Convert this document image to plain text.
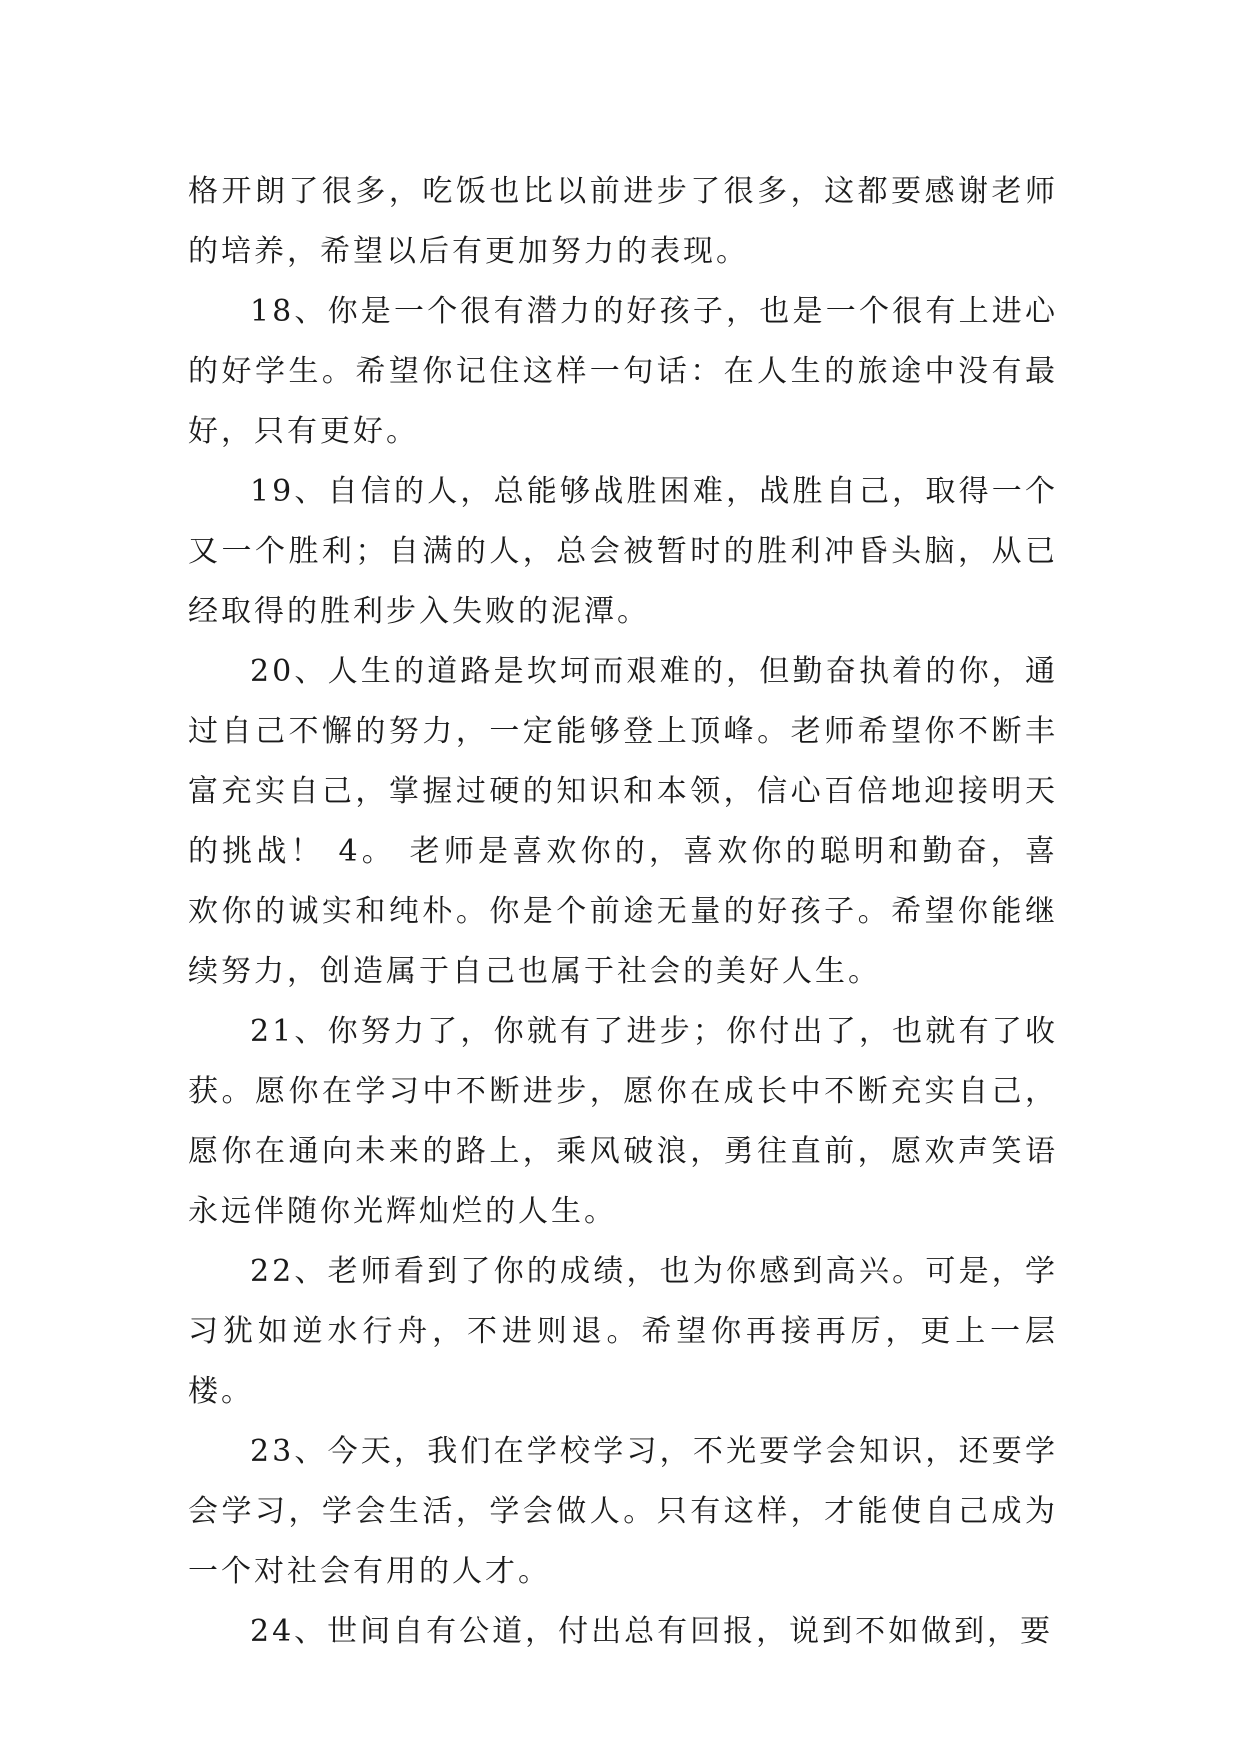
格开朗了很多，吃饭也比以前进步了很多，这都要感谢老师的培养，希望以后有更加努力的表现。

18、你是一个很有潜力的好孩子，也是一个很有上进心的好学生。希望你记住这样一句话：在人生的旅途中没有最好，只有更好。

19、自信的人，总能够战胜困难，战胜自己，取得一个又一个胜利；自满的人，总会被暂时的胜利冲昏头脑，从已经取得的胜利步入失败的泥潭。

20、人生的道路是坎坷而艰难的，但勤奋执着的你，通过自己不懈的努力，一定能够登上顶峰。老师希望你不断丰富充实自己，掌握过硬的知识和本领，信心百倍地迎接明天的挑战！ 4。 老师是喜欢你的，喜欢你的聪明和勤奋，喜欢你的诚实和纯朴。你是个前途无量的好孩子。希望你能继续努力，创造属于自己也属于社会的美好人生。

21、你努力了，你就有了进步；你付出了，也就有了收获。愿你在学习中不断进步，愿你在成长中不断充实自己，愿你在通向未来的路上，乘风破浪，勇往直前，愿欢声笑语永远伴随你光辉灿烂的人生。

22、老师看到了你的成绩，也为你感到高兴。可是，学习犹如逆水行舟，不进则退。希望你再接再厉，更上一层楼。

23、今天，我们在学校学习，不光要学会知识，还要学会学习，学会生活，学会做人。只有这样，才能使自己成为一个对社会有用的人才。

24、世间自有公道，付出总有回报，说到不如做到，要
